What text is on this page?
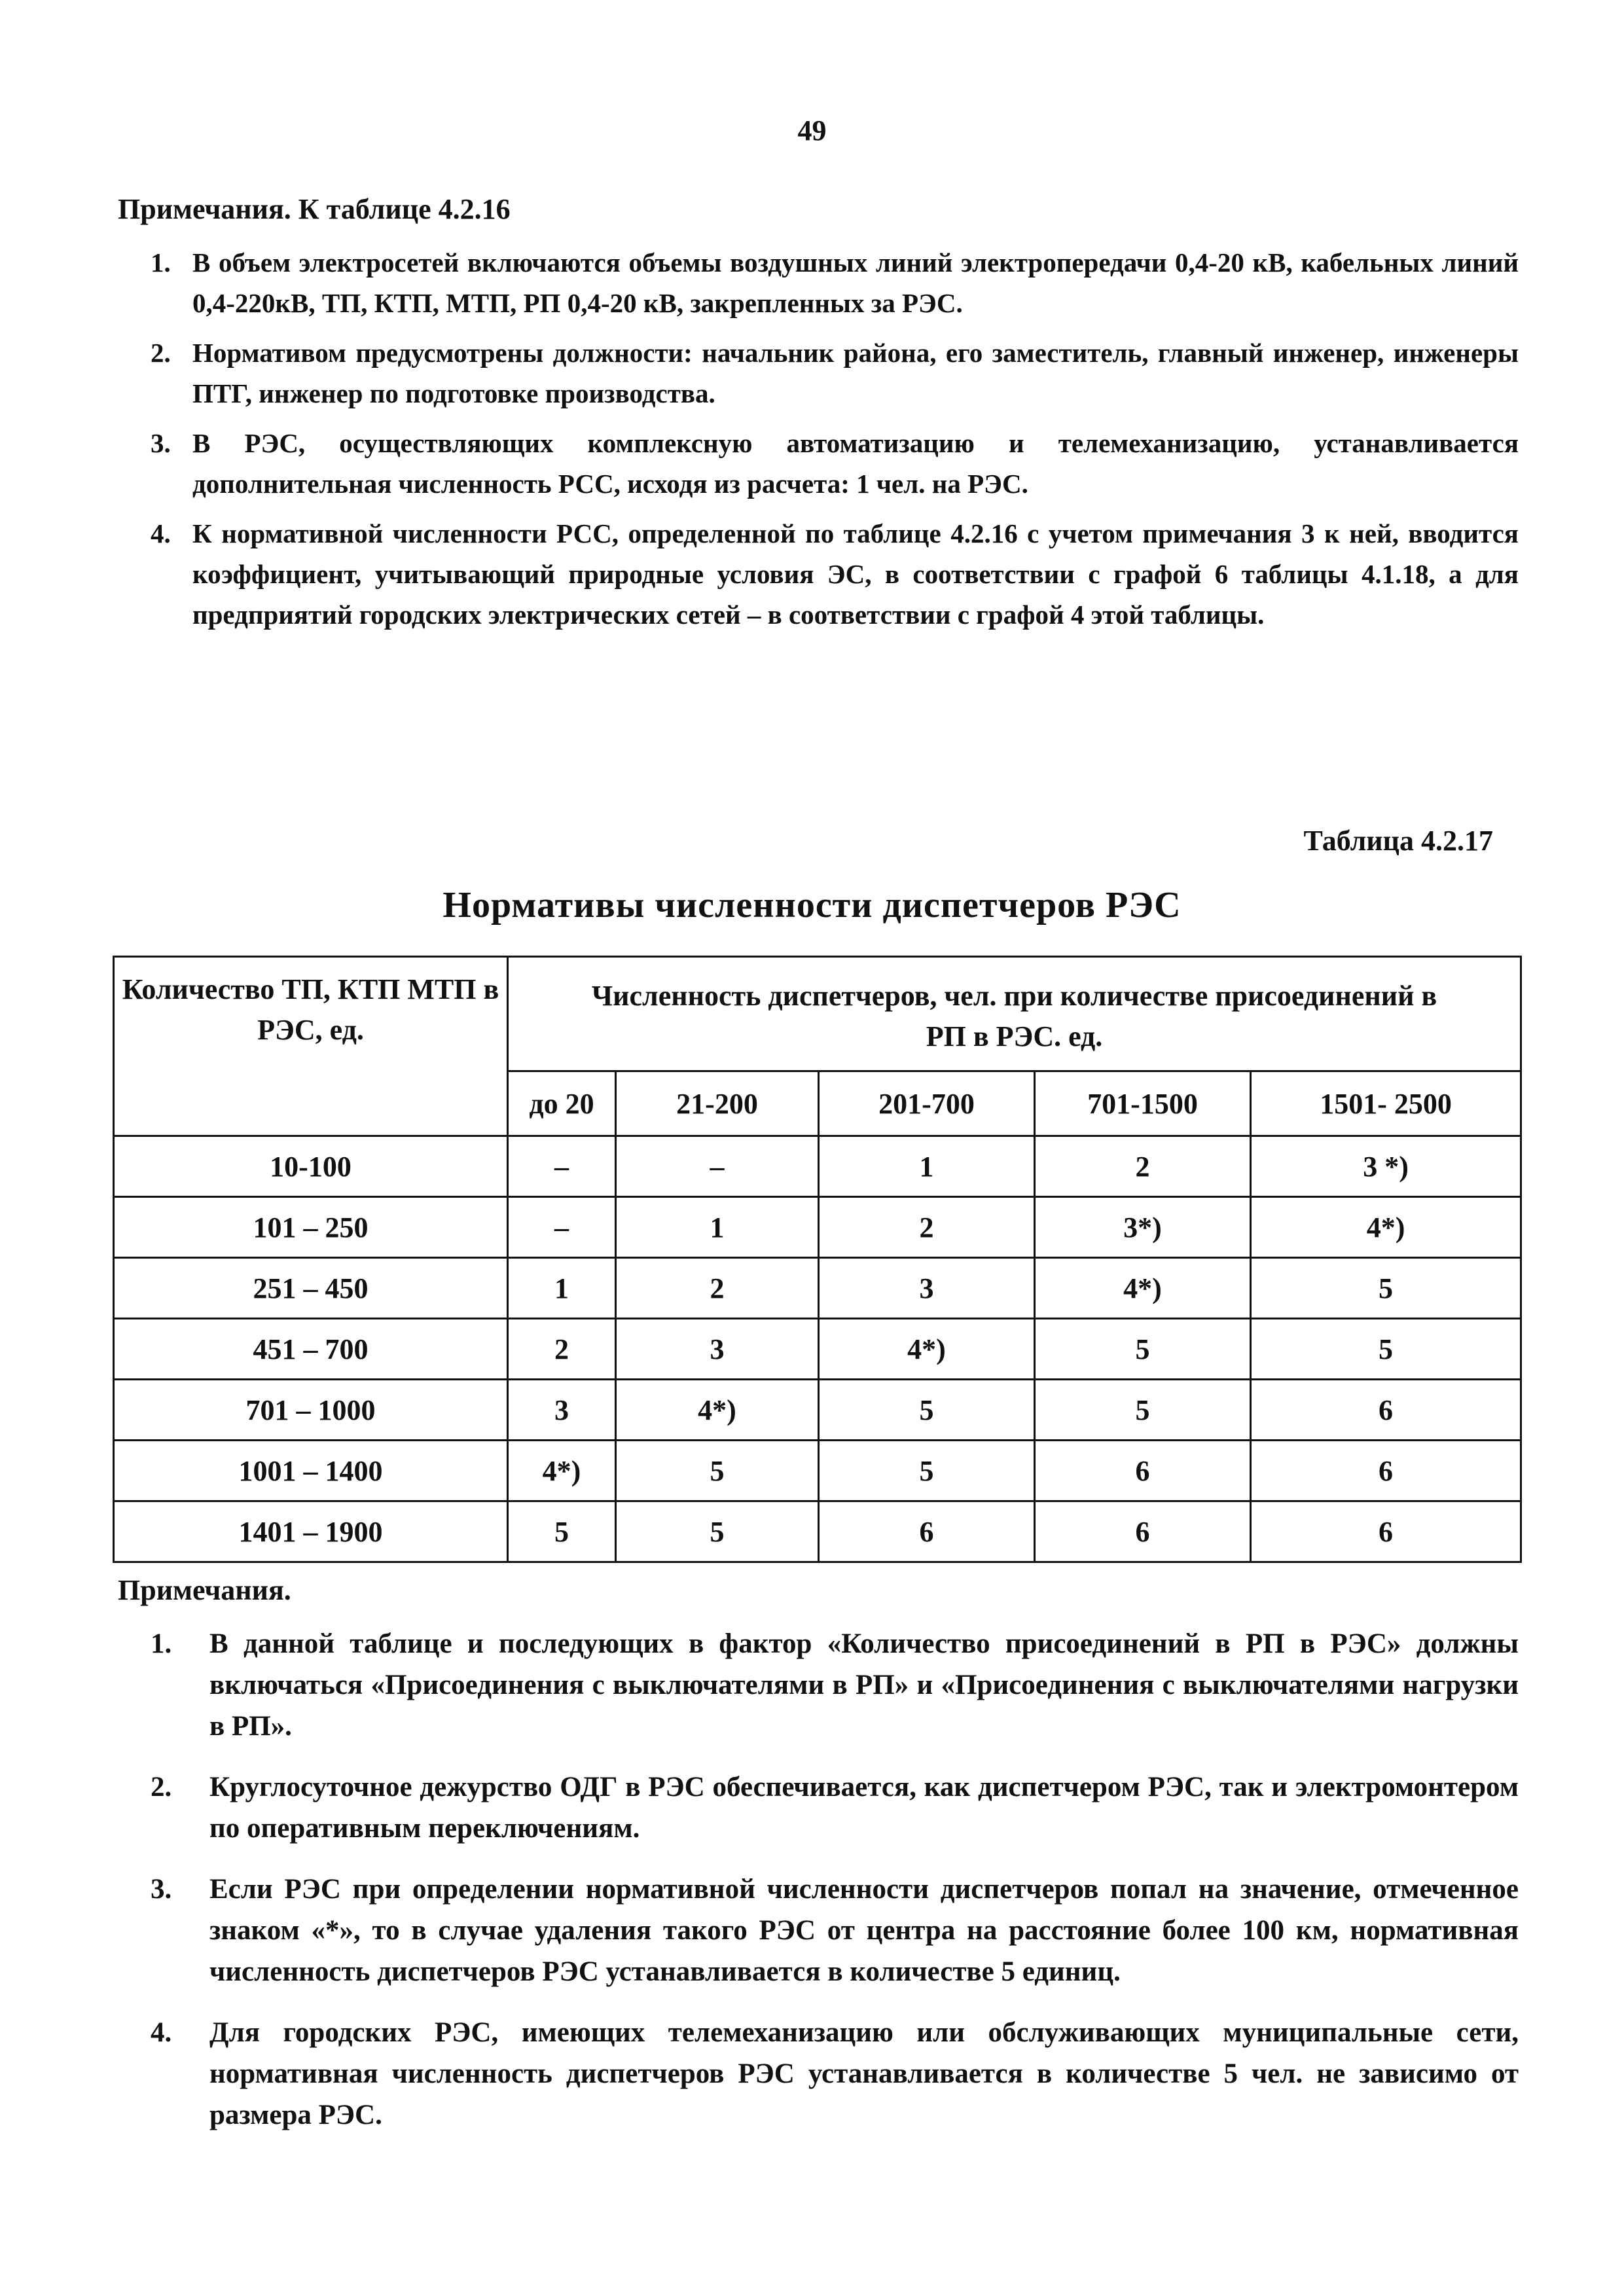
49
Примечания. К таблице 4.2.16
1. В объем электросетей включаются объемы воздушных линий электропередачи 0,4-20 кВ, кабельных линий 0,4-220кВ, ТП, КТП, МТП, РП 0,4-20 кВ, закрепленных за РЭС.
2. Нормативом предусмотрены должности: начальник района, его заместитель, главный инженер, инженеры ПТГ, инженер по подготовке производства.
3. В РЭС, осуществляющих комплексную автоматизацию и телемеханизацию, устанавливается дополнительная численность РСС, исходя из расчета: 1 чел. на РЭС.
4. К нормативной численности РСС, определенной по таблице 4.2.16 с учетом примечания 3 к ней, вводится коэффициент, учитывающий природные условия ЭС, в соответствии с графой 6 таблицы 4.1.18, а для предприятий городских электрических сетей – в соответствии с графой 4 этой таблицы.
Таблица 4.2.17
Нормативы численности диспетчеров РЭС
Количество ТП, КТП МТП в РЭС, ед.	Численность диспетчеров, чел. при количестве присоединений в РП в РЭС. ед.				
	до 20	21-200	201-700	701-1500	1501- 2500
10-100	–	–	1	2	3 *)
101 – 250	–	1	2	3*)	4*)
251 – 450	1	2	3	4*)	5
451 – 700	2	3	4*)	5	5
701 – 1000	3	4*)	5	5	6
1001 – 1400	4*)	5	5	6	6
1401 – 1900	5	5	6	6	6
Примечания.
1.	В данной таблице и последующих в фактор «Количество присоединений в РП в РЭС» должны включаться «Присоединения с выключателями в РП» и «Присоединения с выключателями нагрузки в РП».
2.	Круглосуточное дежурство ОДГ в РЭС обеспечивается, как диспетчером РЭС, так и электромонтером по оперативным переключениям.
3.	Если РЭС при определении нормативной численности диспетчеров попал на значение, отмеченное знаком «*», то в случае удаления такого РЭС от центра на расстояние более 100 км, нормативная численность диспетчеров РЭС устанавливается в количестве 5 единиц.
4.	Для городских РЭС, имеющих телемеханизацию или обслуживающих муниципальные сети, нормативная численность диспетчеров РЭС устанавливается в количестве 5 чел. не зависимо от размера РЭС.
